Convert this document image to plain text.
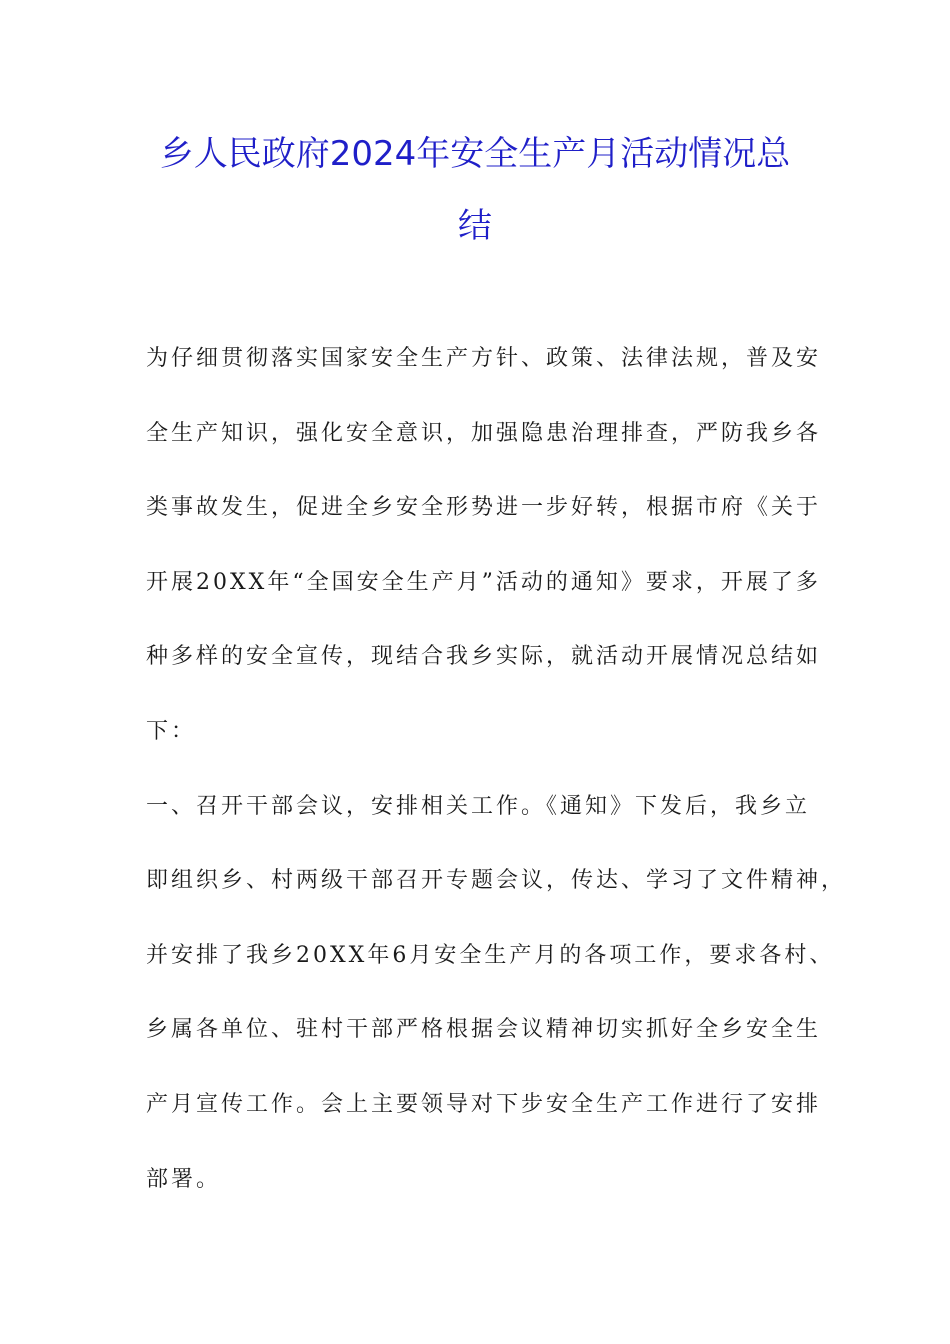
乡人民政府2024年安全生产月活动情况总
结
为仔细贯彻落实国家安全生产方针、政策、法律法规，普及安
全生产知识，强化安全意识，加强隐患治理排查，严防我乡各
类事故发生，促进全乡安全形势进一步好转，根据市府《关于
开展20XX年“全国安全生产月”活动的通知》要求，开展了多
种多样的安全宣传，现结合我乡实际，就活动开展情况总结如
下：
一、召开干部会议，安排相关工作。《通知》下发后，我乡立
即组织乡、村两级干部召开专题会议，传达、学习了文件精神，
并安排了我乡20XX年6月安全生产月的各项工作，要求各村、
乡属各单位、驻村干部严格根据会议精神切实抓好全乡安全生
产月宣传工作。会上主要领导对下步安全生产工作进行了安排
部署。
